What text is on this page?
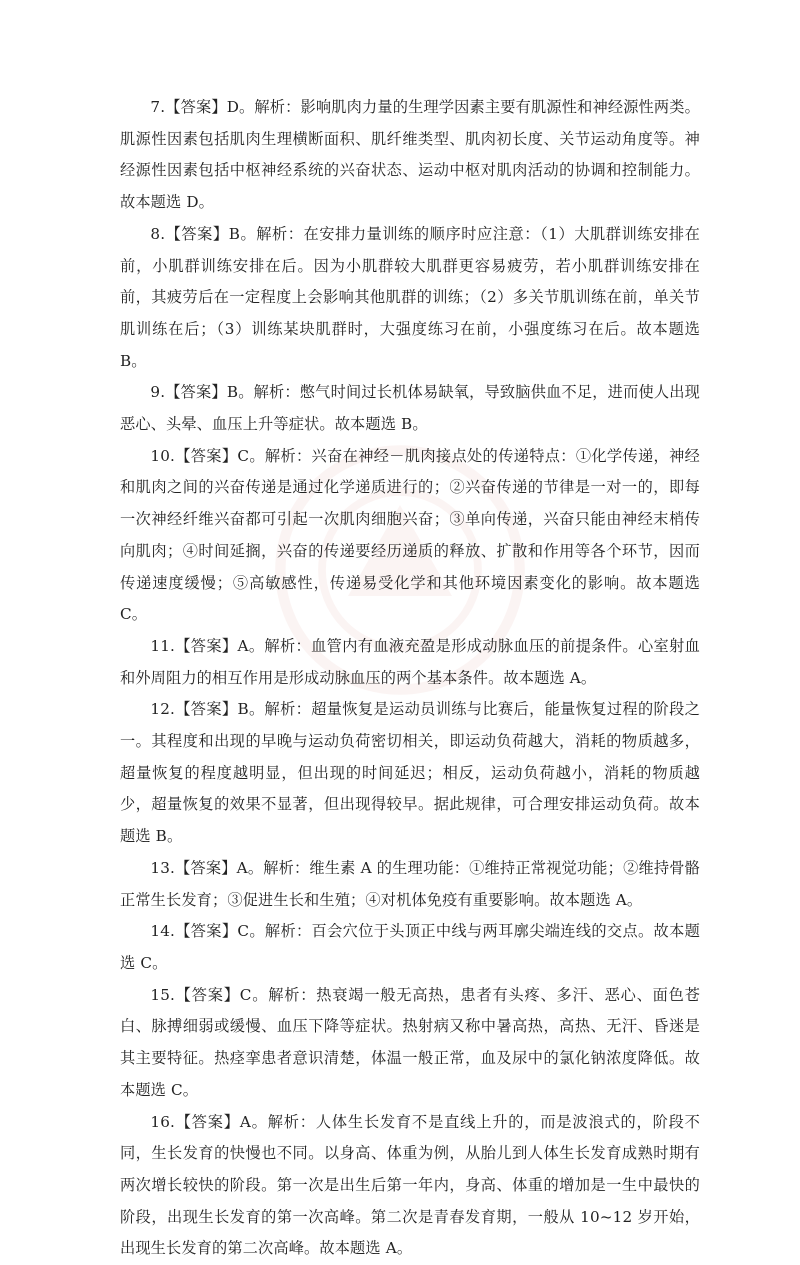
7.【答案】D。解析：影响肌肉力量的生理学因素主要有肌源性和神经源性两类。肌源性因素包括肌肉生理横断面积、肌纤维类型、肌肉初长度、关节运动角度等。神经源性因素包括中枢神经系统的兴奋状态、运动中枢对肌肉活动的协调和控制能力。故本题选 D。

8.【答案】B。解析：在安排力量训练的顺序时应注意：（1）大肌群训练安排在前，小肌群训练安排在后。因为小肌群较大肌群更容易疲劳，若小肌群训练安排在前，其疲劳后在一定程度上会影响其他肌群的训练；（2）多关节肌训练在前，单关节肌训练在后；（3）训练某块肌群时，大强度练习在前，小强度练习在后。故本题选 B。

9.【答案】B。解析：憋气时间过长机体易缺氧，导致脑供血不足，进而使人出现恶心、头晕、血压上升等症状。故本题选 B。

10.【答案】C。解析：兴奋在神经－肌肉接点处的传递特点：①化学传递，神经和肌肉之间的兴奋传递是通过化学递质进行的；②兴奋传递的节律是一对一的，即每一次神经纤维兴奋都可引起一次肌肉细胞兴奋；③单向传递，兴奋只能由神经末梢传向肌肉；④时间延搁，兴奋的传递要经历递质的释放、扩散和作用等各个环节，因而传递速度缓慢；⑤高敏感性，传递易受化学和其他环境因素变化的影响。故本题选 C。

11.【答案】A。解析：血管内有血液充盈是形成动脉血压的前提条件。心室射血和外周阻力的相互作用是形成动脉血压的两个基本条件。故本题选 A。

12.【答案】B。解析：超量恢复是运动员训练与比赛后，能量恢复过程的阶段之一。其程度和出现的早晚与运动负荷密切相关，即运动负荷越大，消耗的物质越多，超量恢复的程度越明显，但出现的时间延迟；相反，运动负荷越小，消耗的物质越少，超量恢复的效果不显著，但出现得较早。据此规律，可合理安排运动负荷。故本题选 B。

13.【答案】A。解析：维生素 A 的生理功能：①维持正常视觉功能；②维持骨骼正常生长发育；③促进生长和生殖；④对机体免疫有重要影响。故本题选 A。

14.【答案】C。解析：百会穴位于头顶正中线与两耳廓尖端连线的交点。故本题选 C。

15.【答案】C。解析：热衰竭一般无高热，患者有头疼、多汗、恶心、面色苍白、脉搏细弱或缓慢、血压下降等症状。热射病又称中暑高热，高热、无汗、昏迷是其主要特征。热痉挛患者意识清楚，体温一般正常，血及尿中的氯化钠浓度降低。故本题选 C。

16.【答案】A。解析：人体生长发育不是直线上升的，而是波浪式的，阶段不同，生长发育的快慢也不同。以身高、体重为例，从胎儿到人体生长发育成熟时期有两次增长较快的阶段。第一次是出生后第一年内，身高、体重的增加是一生中最快的阶段，出现生长发育的第一次高峰。第二次是青春发育期，一般从 10~12 岁开始，出现生长发育的第二次高峰。故本题选 A。
